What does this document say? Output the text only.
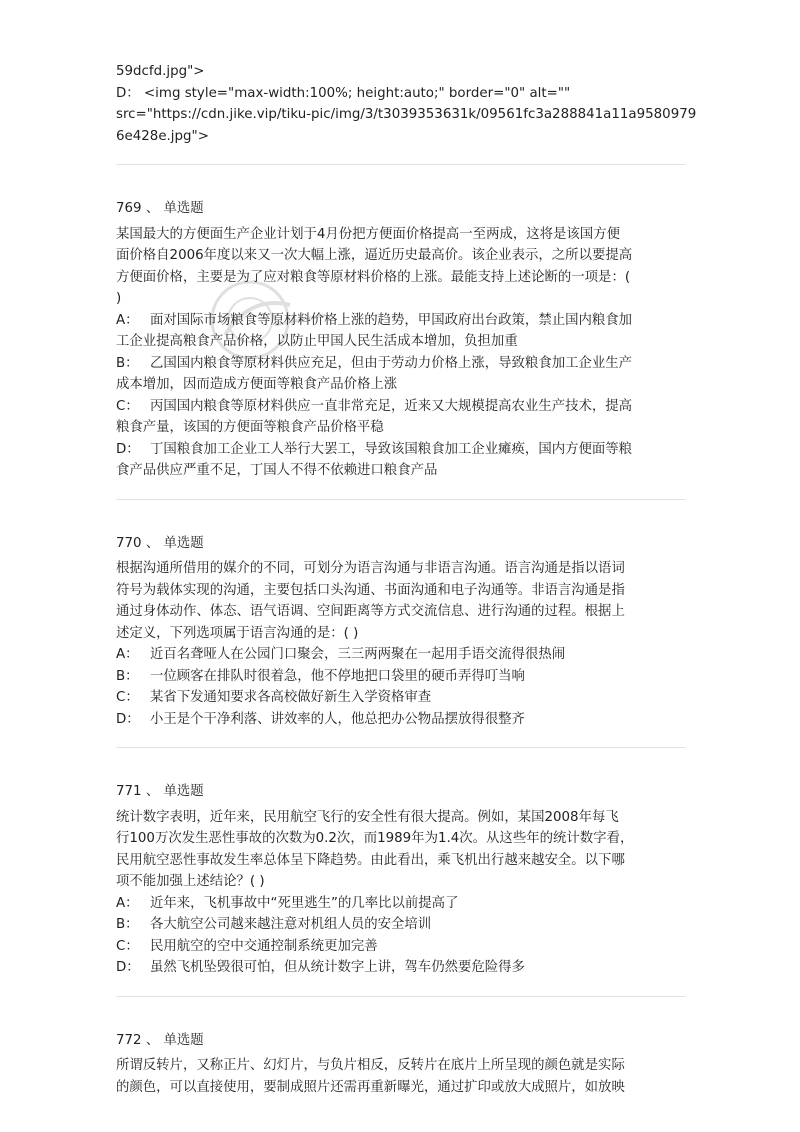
59dcfd.jpg">
D： <img style="max-width:100%; height:auto;" border="0" alt=""
src="https://cdn.jike.vip/tiku-pic/img/3/t3039353631k/09561fc3a288841a11a9580979
6e428e.jpg">
769 、 单选题
某国最大的方便面生产企业计划于4月份把方便面价格提高一至两成，这将是该国方便
面价格自2006年度以来又一次大幅上涨，逼近历史最高价。该企业表示，之所以要提高
方便面价格，主要是为了应对粮食等原材料价格的上涨。最能支持上述论断的一项是：(
)
A： 面对国际市场粮食等原材料价格上涨的趋势，甲国政府出台政策，禁止国内粮食加
工企业提高粮食产品价格，以防止甲国人民生活成本增加，负担加重
B： 乙国国内粮食等原材料供应充足，但由于劳动力价格上涨，导致粮食加工企业生产
成本增加，因而造成方便面等粮食产品价格上涨
C： 丙国国内粮食等原材料供应一直非常充足，近来又大规模提高农业生产技术，提高
粮食产量，该国的方便面等粮食产品价格平稳
D： 丁国粮食加工企业工人举行大罢工，导致该国粮食加工企业瘫痪，国内方便面等粮
食产品供应严重不足，丁国人不得不依赖进口粮食产品
770 、 单选题
根据沟通所借用的媒介的不同，可划分为语言沟通与非语言沟通。语言沟通是指以语词
符号为载体实现的沟通，主要包括口头沟通、书面沟通和电子沟通等。非语言沟通是指
通过身体动作、体态、语气语调、空间距离等方式交流信息、进行沟通的过程。根据上
述定义，下列选项属于语言沟通的是：( )
A： 近百名聋哑人在公园门口聚会，三三两两聚在一起用手语交流得很热闹
B： 一位顾客在排队时很着急，他不停地把口袋里的硬币弄得叮当响
C： 某省下发通知要求各高校做好新生入学资格审查
D： 小王是个干净利落、讲效率的人，他总把办公物品摆放得很整齐
771 、 单选题
统计数字表明，近年来，民用航空飞行的安全性有很大提高。例如，某国2008年每飞
行100万次发生恶性事故的次数为0.2次，而1989年为1.4次。从这些年的统计数字看，
民用航空恶性事故发生率总体呈下降趋势。由此看出，乘飞机出行越来越安全。以下哪
项不能加强上述结论？( )
A： 近年来，飞机事故中“死里逃生”的几率比以前提高了
B： 各大航空公司越来越注意对机组人员的安全培训
C： 民用航空的空中交通控制系统更加完善
D： 虽然飞机坠毁很可怕，但从统计数字上讲，驾车仍然要危险得多
772 、 单选题
所谓反转片，又称正片、幻灯片，与负片相反，反转片在底片上所呈现的颜色就是实际
的颜色，可以直接使用，要制成照片还需再重新曝光，通过扩印或放大成照片，如放映
